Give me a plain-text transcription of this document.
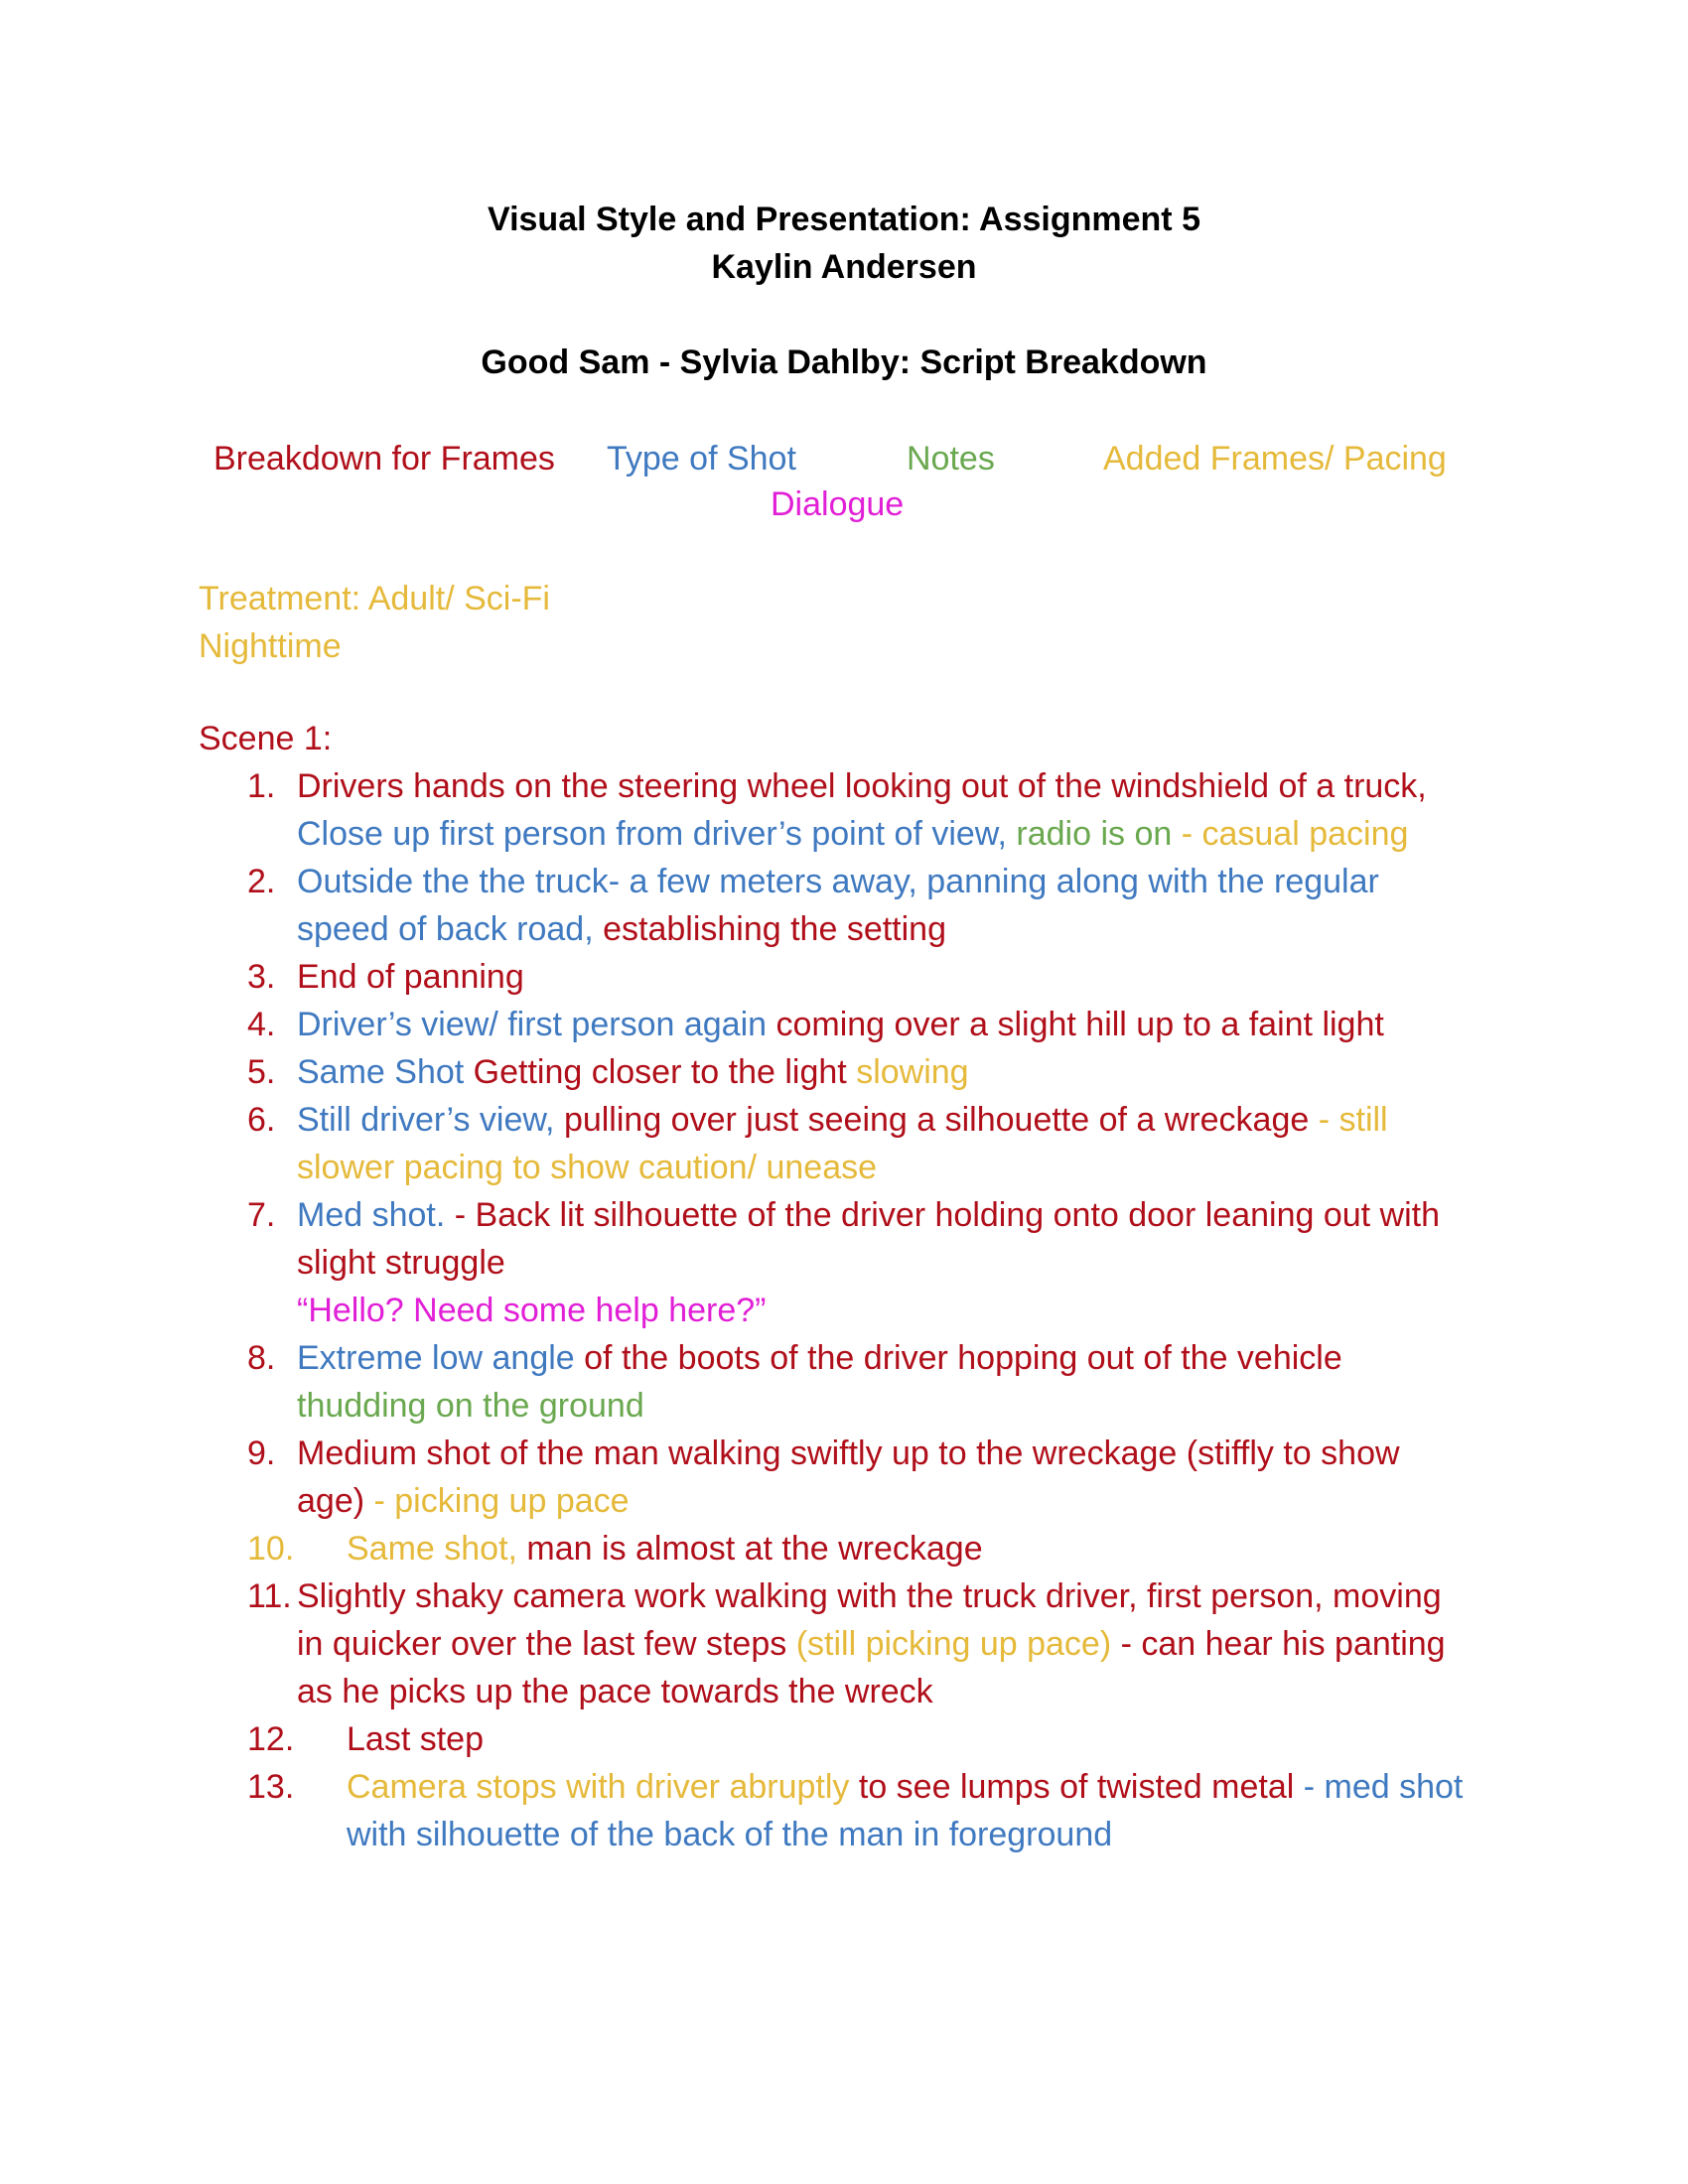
Visual Style and Presentation: Assignment 5
Kaylin Andersen
Good Sam - Sylvia Dahlby: Script Breakdown
Breakdown for Frames Type of Shot	Notes	Added Frames/ Pacing
Dialogue
Treatment: Adult/ Sci-Fi
Nighttime
Scene 1:
1. Drivers hands on the steering wheel looking out of the windshield of a truck, Close up first person from driver’s point of view, radio is on - casual pacing
2. Outside the the truck- a few meters away, panning along with the regular speed of back road, establishing the setting
3. End of panning
4. Driver’s view/ first person again coming over a slight hill up to a faint light
5. Same Shot Getting closer to the light slowing
6. Still driver’s view, pulling over just seeing a silhouette of a wreckage - still slower pacing to show caution/ unease
7. Med shot. - Back lit silhouette of the driver holding onto door leaning out with slight struggle
“Hello? Need some help here?”
8. Extreme low angle of the boots of the driver hopping out of the vehicle thudding on the ground
9. Medium shot of the man walking swiftly up to the wreckage (stiffly to show age) - picking up pace
10. Same shot, man is almost at the wreckage
11. Slightly shaky camera work walking with the truck driver, first person, moving in quicker over the last few steps (still picking up pace) - can hear his panting as he picks up the pace towards the wreck
12. Last step
13. Camera stops with driver abruptly to see lumps of twisted metal - med shot with silhouette of the back of the man in foreground
